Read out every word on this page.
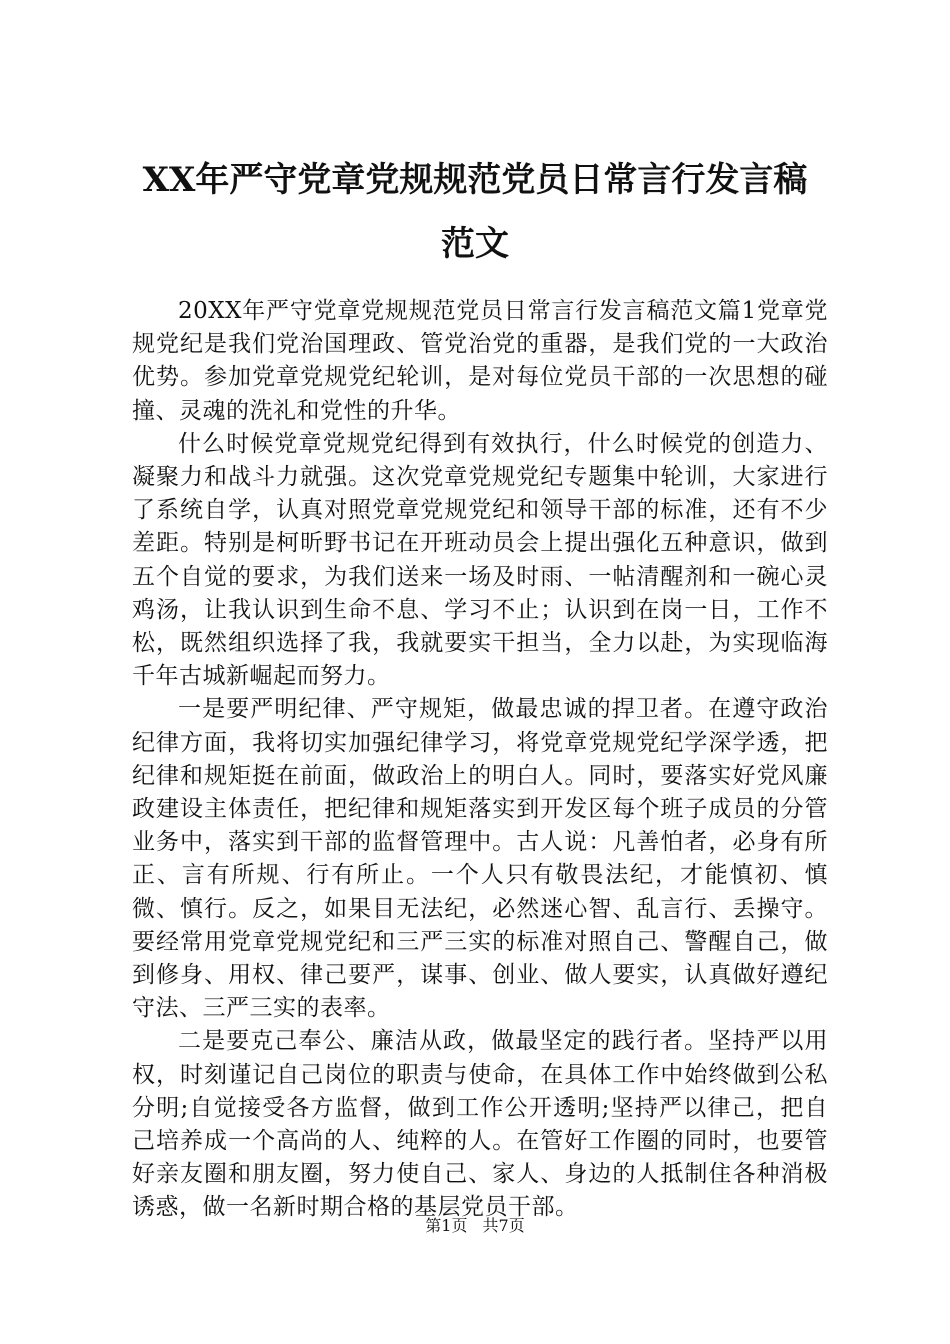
XX年严守党章党规规范党员日常言行发言稿
范文

20XX年严守党章党规规范党员日常言行发言稿范文篇1党章党规党纪是我们党治国理政、管党治党的重器，是我们党的一大政治优势。参加党章党规党纪轮训，是对每位党员干部的一次思想的碰撞、灵魂的洗礼和党性的升华。

什么时候党章党规党纪得到有效执行，什么时候党的创造力、凝聚力和战斗力就强。这次党章党规党纪专题集中轮训，大家进行了系统自学，认真对照党章党规党纪和领导干部的标准，还有不少差距。特别是柯昕野书记在开班动员会上提出强化五种意识，做到五个自觉的要求，为我们送来一场及时雨、一帖清醒剂和一碗心灵鸡汤，让我认识到生命不息、学习不止；认识到在岗一日，工作不松，既然组织选择了我，我就要实干担当，全力以赴，为实现临海千年古城新崛起而努力。

一是要严明纪律、严守规矩，做最忠诚的捍卫者。在遵守政治纪律方面，我将切实加强纪律学习，将党章党规党纪学深学透，把纪律和规矩挺在前面，做政治上的明白人。同时，要落实好党风廉政建设主体责任，把纪律和规矩落实到开发区每个班子成员的分管业务中，落实到干部的监督管理中。古人说：凡善怕者，必身有所正、言有所规、行有所止。一个人只有敬畏法纪，才能慎初、慎微、慎行。反之，如果目无法纪，必然迷心智、乱言行、丢操守。要经常用党章党规党纪和三严三实的标准对照自己、警醒自己，做到修身、用权、律己要严，谋事、创业、做人要实，认真做好遵纪守法、三严三实的表率。

二是要克己奉公、廉洁从政，做最坚定的践行者。坚持严以用权，时刻谨记自己岗位的职责与使命，在具体工作中始终做到公私分明;自觉接受各方监督，做到工作公开透明;坚持严以律己，把自己培养成一个高尚的人、纯粹的人。在管好工作圈的同时，也要管好亲友圈和朋友圈，努力使自己、家人、身边的人抵制住各种消极诱惑，做一名新时期合格的基层党员干部。

第1页 共7页
